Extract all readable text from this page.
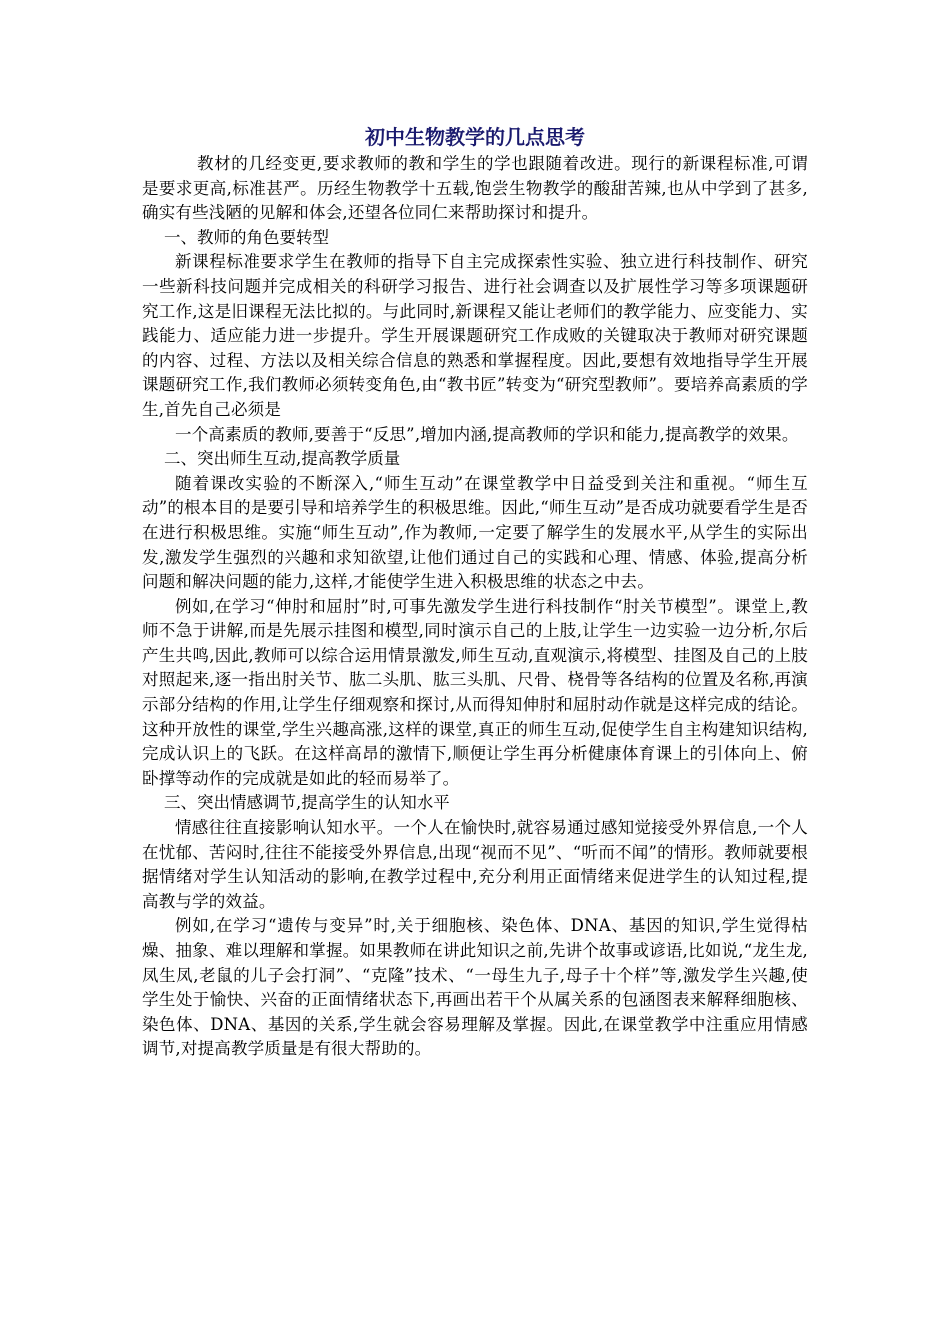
初中生物教学的几点思考

教材的几经变更,要求教师的教和学生的学也跟随着改进。现行的新课程标准,可谓是要求更高,标准甚严。历经生物教学十五载,饱尝生物教学的酸甜苦辣,也从中学到了甚多,确实有些浅陋的见解和体会,还望各位同仁来帮助探讨和提升。

一、教师的角色要转型

新课程标准要求学生在教师的指导下自主完成探索性实验、独立进行科技制作、研究一些新科技问题并完成相关的科研学习报告、进行社会调查以及扩展性学习等多项课题研究工作,这是旧课程无法比拟的。与此同时,新课程又能让老师们的教学能力、应变能力、实践能力、适应能力进一步提升。学生开展课题研究工作成败的关键取决于教师对研究课题的内容、过程、方法以及相关综合信息的熟悉和掌握程度。因此,要想有效地指导学生开展课题研究工作,我们教师必须转变角色,由“教书匠”转变为“研究型教师”。要培养高素质的学生,首先自己必须是

一个高素质的教师,要善于“反思”,增加内涵,提高教师的学识和能力,提高教学的效果。

二、突出师生互动,提高教学质量

随着课改实验的不断深入,“师生互动”在课堂教学中日益受到关注和重视。“师生互动”的根本目的是要引导和培养学生的积极思维。因此,“师生互动”是否成功就要看学生是否在进行积极思维。实施“师生互动”,作为教师,一定要了解学生的发展水平,从学生的实际出发,激发学生强烈的兴趣和求知欲望,让他们通过自己的实践和心理、情感、体验,提高分析问题和解决问题的能力,这样,才能使学生进入积极思维的状态之中去。

例如,在学习“伸肘和屈肘”时,可事先激发学生进行科技制作“肘关节模型”。课堂上,教师不急于讲解,而是先展示挂图和模型,同时演示自己的上肢,让学生一边实验一边分析,尔后产生共鸣,因此,教师可以综合运用情景激发,师生互动,直观演示,将模型、挂图及自己的上肢对照起来,逐一指出肘关节、肱二头肌、肱三头肌、尺骨、桡骨等各结构的位置及名称,再演示部分结构的作用,让学生仔细观察和探讨,从而得知伸肘和屈肘动作就是这样完成的结论。这种开放性的课堂,学生兴趣高涨,这样的课堂,真正的师生互动,促使学生自主构建知识结构,完成认识上的飞跃。在这样高昂的激情下,顺便让学生再分析健康体育课上的引体向上、俯卧撑等动作的完成就是如此的轻而易举了。

三、突出情感调节,提高学生的认知水平

情感往往直接影响认知水平。一个人在愉快时,就容易通过感知觉接受外界信息,一个人在忧郁、苦闷时,往往不能接受外界信息,出现“视而不见”、“听而不闻”的情形。教师就要根据情绪对学生认知活动的影响,在教学过程中,充分利用正面情绪来促进学生的认知过程,提高教与学的效益。

例如,在学习“遗传与变异”时,关于细胞核、染色体、DNA、基因的知识,学生觉得枯燥、抽象、难以理解和掌握。如果教师在讲此知识之前,先讲个故事或谚语,比如说,“龙生龙,凤生凤,老鼠的儿子会打洞”、“克隆”技术、“一母生九子,母子十个样”等,激发学生兴趣,使学生处于愉快、兴奋的正面情绪状态下,再画出若干个从属关系的包涵图表来解释细胞核、染色体、DNA、基因的关系,学生就会容易理解及掌握。因此,在课堂教学中注重应用情感调节,对提高教学质量是有很大帮助的。
